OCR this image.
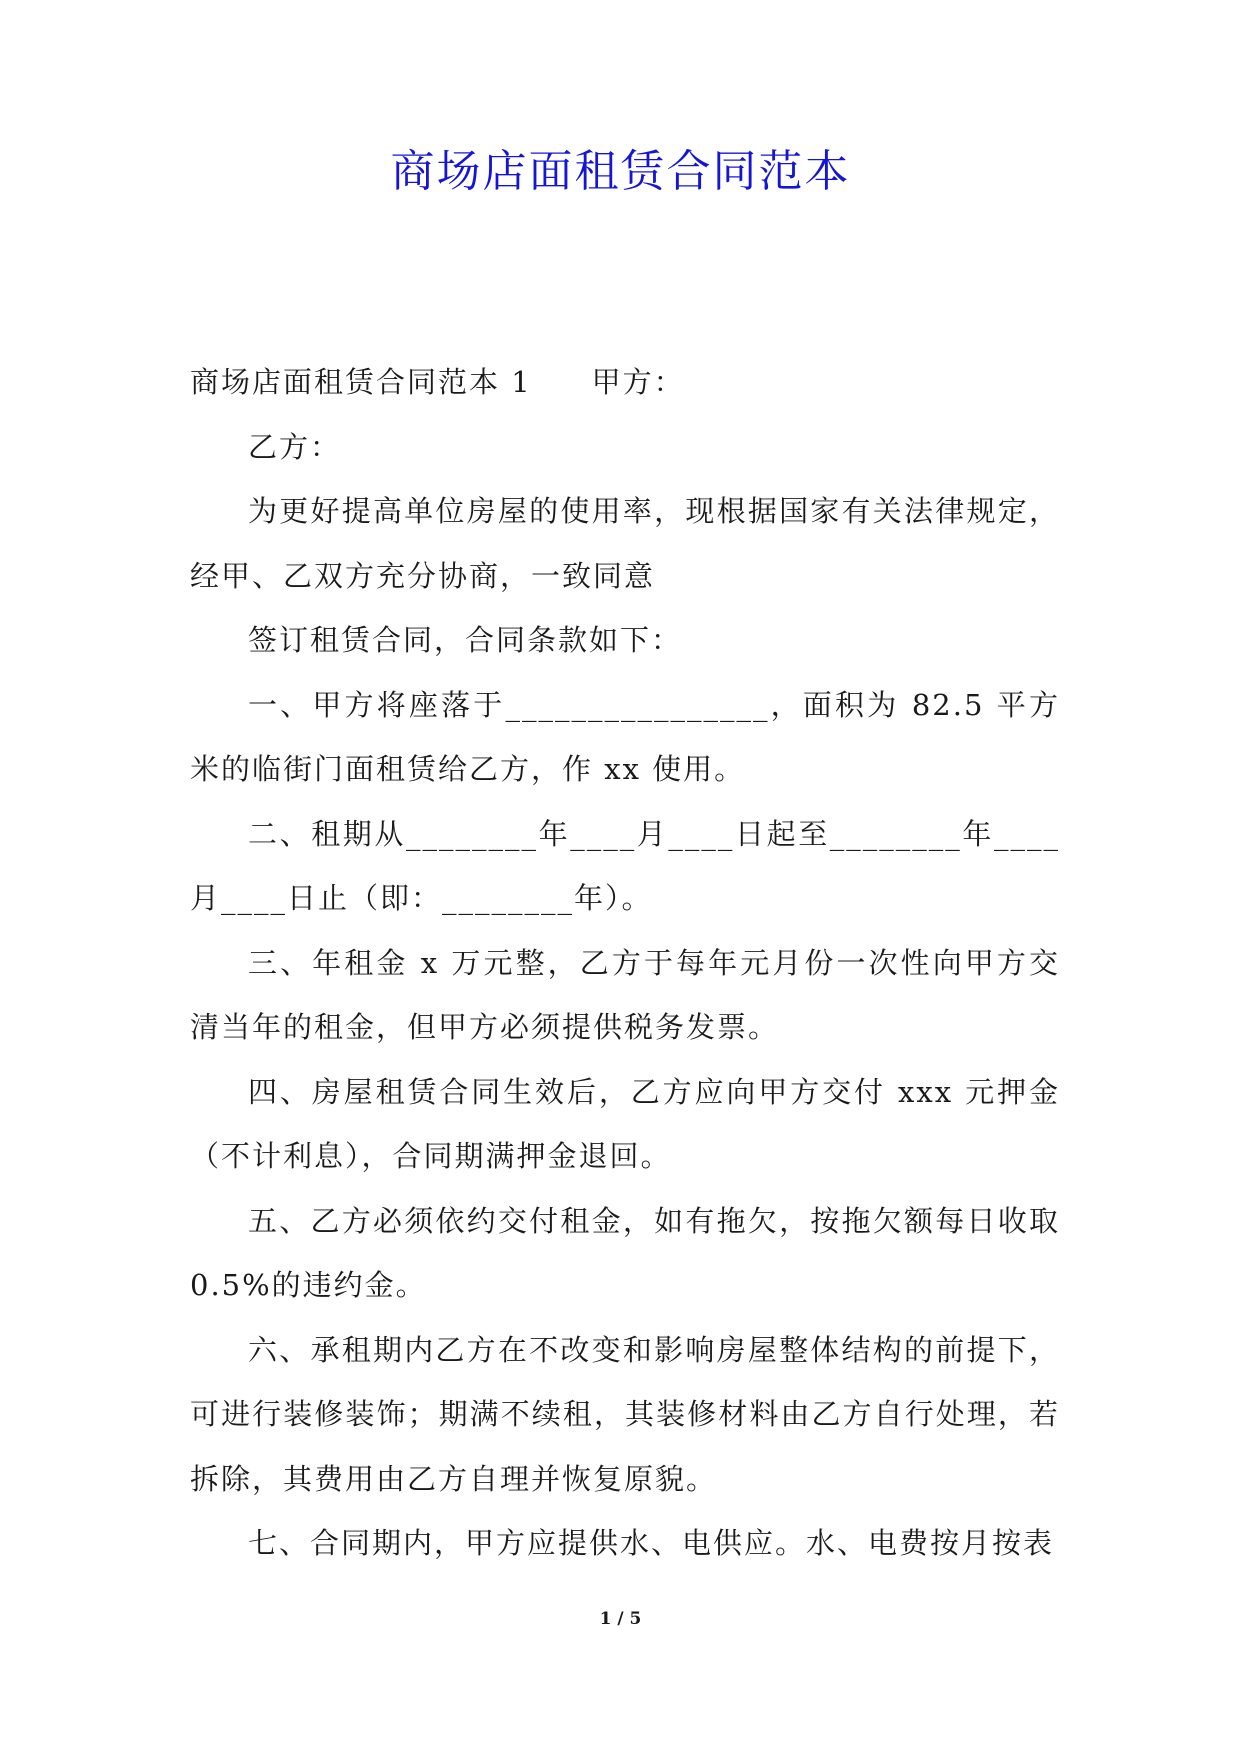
商场店面租赁合同范本

商场店面租赁合同范本 1 甲方：

乙方：

为更好提高单位房屋的使用率，现根据国家有关法律规定，经甲、乙双方充分协商，一致同意

签订租赁合同，合同条款如下：

一、甲方将座落于________________，面积为 82.5 平方米的临街门面租赁给乙方，作 xx 使用。

二、租期从________年____月____日起至________年____月____日止（即：________年）。

三、年租金 x 万元整，乙方于每年元月份一次性向甲方交清当年的租金，但甲方必须提供税务发票。

四、房屋租赁合同生效后，乙方应向甲方交付 xxx 元押金（不计利息），合同期满押金退回。

五、乙方必须依约交付租金，如有拖欠，按拖欠额每日收取 0.5%的违约金。

六、承租期内乙方在不改变和影响房屋整体结构的前提下，可进行装修装饰；期满不续租，其装修材料由乙方自行处理，若拆除，其费用由乙方自理并恢复原貌。

七、合同期内，甲方应提供水、电供应。水、电费按月按表

1 / 5
